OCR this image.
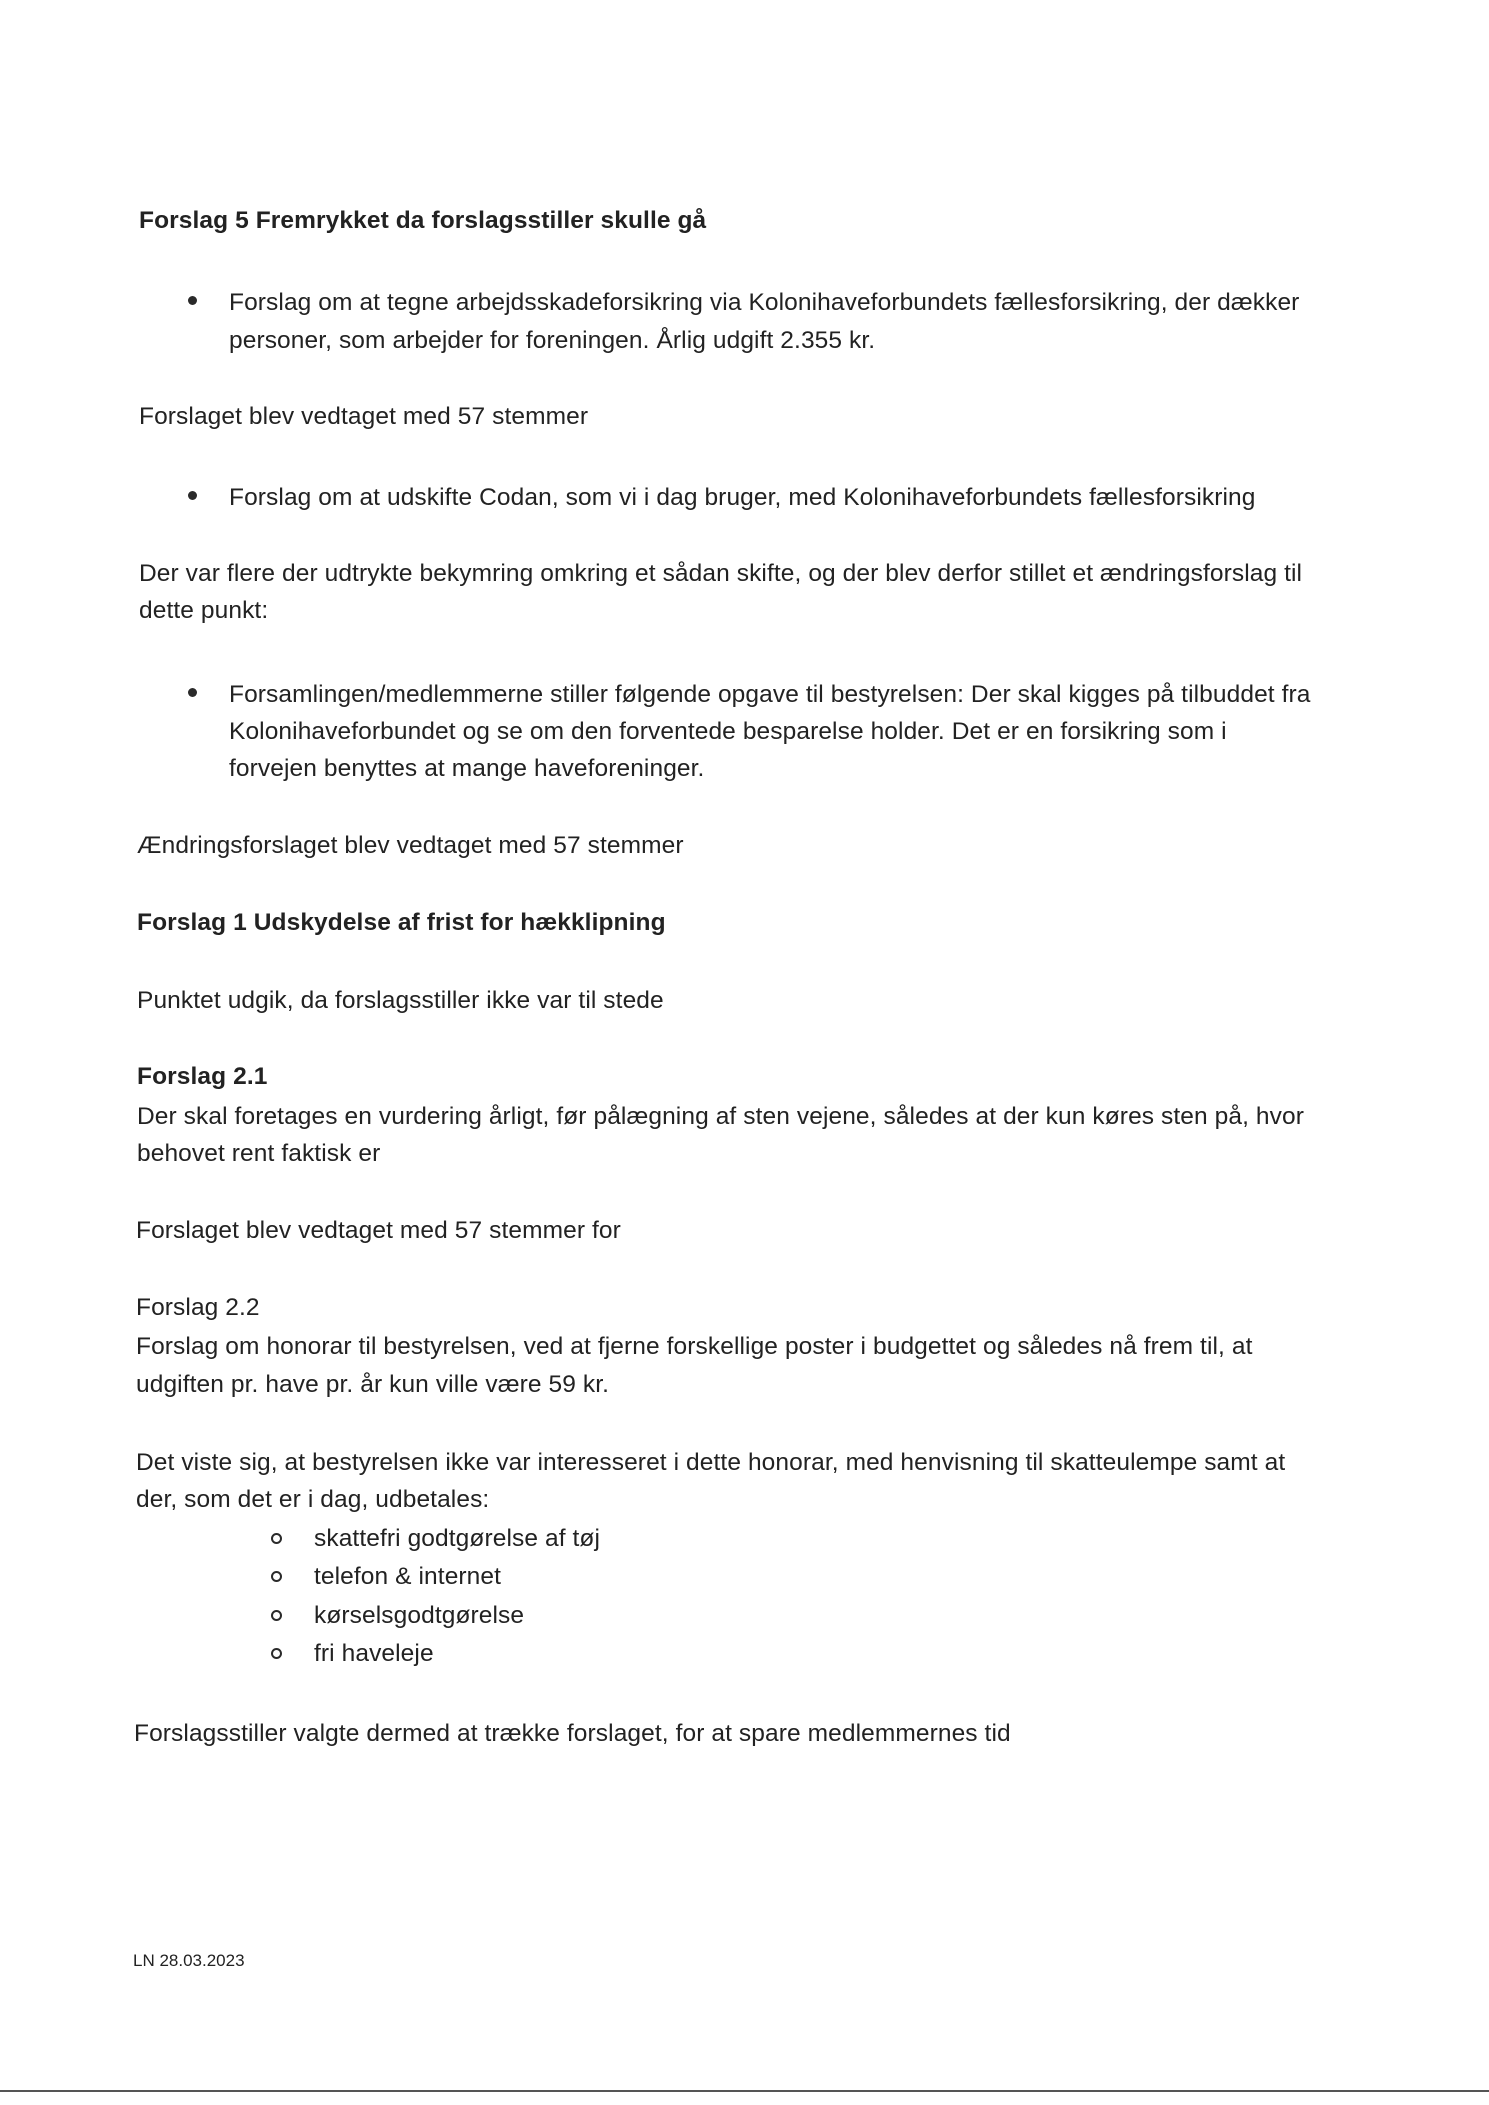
Forslag 5 Fremrykket da forslagsstiller skulle gå
Forslag om at tegne arbejdsskadeforsikring via Kolonihaveforbundets fællesforsikring, der dækker
personer, som arbejder for foreningen. Årlig udgift 2.355 kr.
Forslaget blev vedtaget med 57 stemmer
Forslag om at udskifte Codan, som vi i dag bruger, med Kolonihaveforbundets fællesforsikring
Der var flere der udtrykte bekymring omkring et sådan skifte, og der blev derfor stillet et ændringsforslag til
dette punkt:
Forsamlingen/medlemmerne stiller følgende opgave til bestyrelsen: Der skal kigges på tilbuddet fra
Kolonihaveforbundet og se om den forventede besparelse holder. Det er en forsikring som i
forvejen benyttes at mange haveforeninger.
Ændringsforslaget blev vedtaget med 57 stemmer
Forslag 1 Udskydelse af frist for hækklipning
Punktet udgik, da forslagsstiller ikke var til stede
Forslag 2.1
Der skal foretages en vurdering årligt, før pålægning af sten vejene, således at der kun køres sten på, hvor
behovet rent faktisk er
Forslaget blev vedtaget med 57 stemmer for
Forslag 2.2
Forslag om honorar til bestyrelsen, ved at fjerne forskellige poster i budgettet og således nå frem til, at
udgiften pr. have pr. år kun ville være 59 kr.
Det viste sig, at bestyrelsen ikke var interesseret i dette honorar, med henvisning til skatteulempe samt at
der, som det er i dag, udbetales:
skattefri godtgørelse af tøj
telefon & internet
kørselsgodtgørelse
fri haveleje
Forslagsstiller valgte dermed at trække forslaget, for at spare medlemmernes tid
LN 28.03.2023
